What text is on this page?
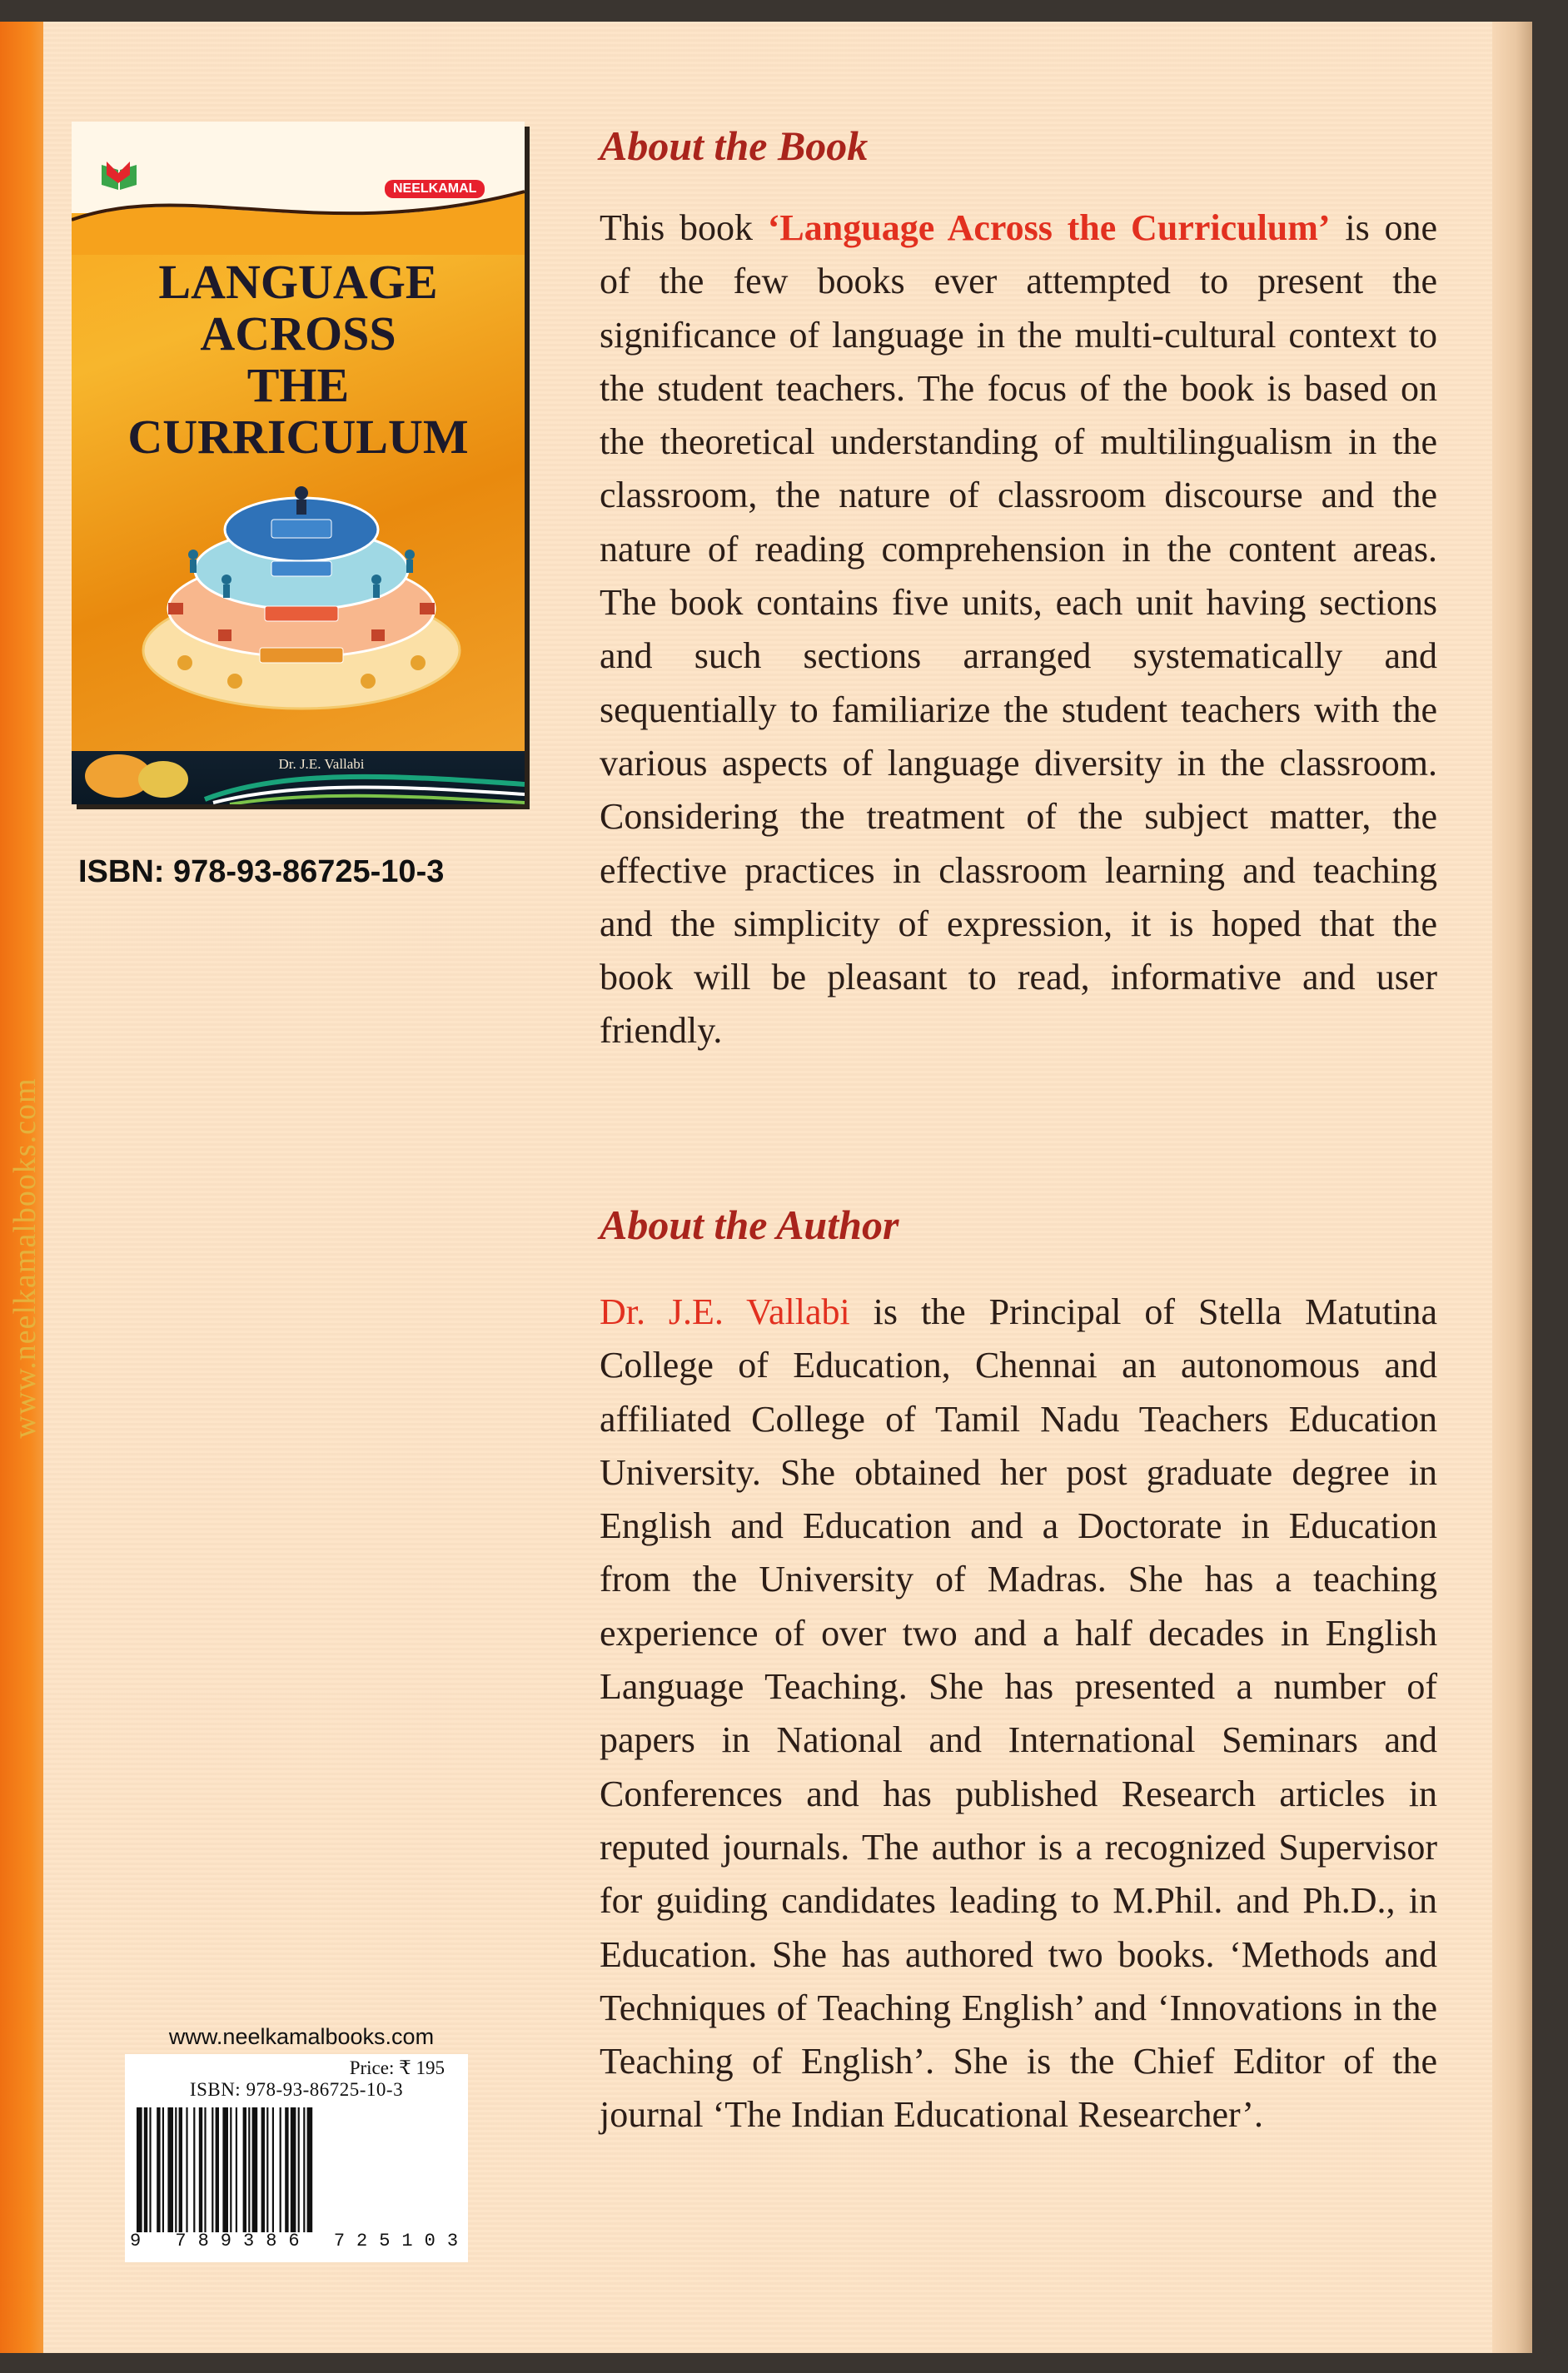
www.neelkamalbooks.com
NEELKAMAL
LANGUAGE
ACROSS
THE
CURRICULUM
Dr. J.E. Vallabi
ISBN: 978-93-86725-10-3
About the Book
This book ‘Language Across the Curriculum’ is one of the few books ever attempted to present the significance of language in the multi-cultural context to the student teachers. The focus of the book is based on the theoretical understanding of multilingualism in the classroom, the nature of classroom discourse and the nature of reading comprehension in the content areas. The book contains five units, each unit having sections and such sections arranged systematically and sequentially to familiarize the student teachers with the various aspects of language diversity in the classroom. Considering the treatment of the subject matter, the effective practices in classroom learning and teaching and the simplicity of expression, it is hoped that the book will be pleasant to read, informative and user friendly.
About the Author
Dr. J.E. Vallabi is the Principal of Stella Matutina College of Education, Chennai an autonomous and affiliated College of Tamil Nadu Teachers Education University. She obtained her post graduate degree in English and Education and a Doctorate in Education from the University of Madras. She has a teaching experience of over two and a half decades in English Language Teaching. She has presented a number of papers in National and International Seminars and Conferences and has published Research articles in reputed journals. The author is a recognized Supervisor for guiding candidates leading to M.Phil. and Ph.D., in Education. She has authored two books. ‘Methods and Techniques of Teaching English’ and ‘Innovations in the Teaching of English’. She is the Chief Editor of the journal ‘The Indian Educational Researcher’.
www.neelkamalbooks.com
Price: ₹ 195
ISBN: 978-93-86725-10-3
9 789386 725103
